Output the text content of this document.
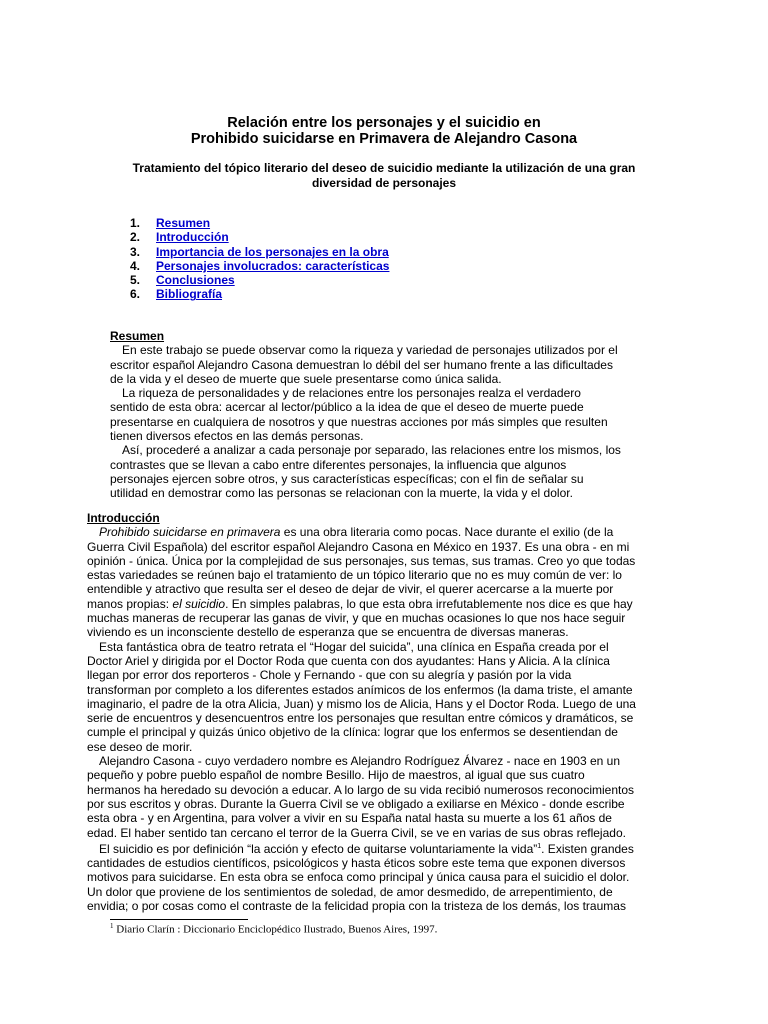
Relación entre los personajes y el suicidio en
Prohibido suicidarse en Primavera de Alejandro Casona
Tratamiento del tópico literario del deseo de suicidio mediante la utilización de una gran
diversidad de personajes
1.	Resumen
2.	Introducción
3.	Importancia de los personajes en la obra
4.	Personajes involucrados: características
5.	Conclusiones
6.	Bibliografía
Resumen
En este trabajo se puede observar como la riqueza y variedad de personajes utilizados por el
escritor español Alejandro Casona demuestran lo débil del ser humano frente a las dificultades
de la vida y el deseo de muerte que suele presentarse como única salida.
La riqueza de personalidades y de relaciones entre los personajes realza el verdadero
sentido de esta obra: acercar al lector/público a la idea de que el deseo de muerte puede
presentarse en cualquiera de nosotros y que nuestras acciones por más simples que resulten
tienen diversos efectos en las demás personas.
Así, procederé a analizar a cada personaje por separado, las relaciones entre los mismos, los
contrastes que se llevan a cabo entre diferentes personajes, la influencia que algunos
personajes ejercen sobre otros, y sus características específicas; con el fin de señalar su
utilidad en demostrar como las personas se relacionan con la muerte, la vida y el dolor.
Introducción
Prohibido suicidarse en primavera es una obra literaria como pocas. Nace durante el exilio (de la
Guerra Civil Española) del escritor español Alejandro Casona en México en 1937. Es una obra - en mi
opinión - única. Única por la complejidad de sus personajes, sus temas, sus tramas. Creo yo que todas
estas variedades se reúnen bajo el tratamiento de un tópico literario que no es muy común de ver: lo
entendible y atractivo que resulta ser el deseo de dejar de vivir, el querer acercarse a la muerte por
manos propias: el suicidio. En simples palabras, lo que esta obra irrefutablemente nos dice es que hay
muchas maneras de recuperar las ganas de vivir, y que en muchas ocasiones lo que nos hace seguir
viviendo es un inconsciente destello de esperanza que se encuentra de diversas maneras.
Esta fantástica obra de teatro retrata el “Hogar del suicida”, una clínica en España creada por el
Doctor Ariel y dirigida por el Doctor Roda que cuenta con dos ayudantes: Hans y Alicia. A la clínica
llegan por error dos reporteros - Chole y Fernando - que con su alegría y pasión por la vida
transforman por completo a los diferentes estados anímicos de los enfermos (la dama triste, el amante
imaginario, el padre de la otra Alicia, Juan) y mismo los de Alicia, Hans y el Doctor Roda. Luego de una
serie de encuentros y desencuentros entre los personajes que resultan entre cómicos y dramáticos, se
cumple el principal y quizás único objetivo de la clínica: lograr que los enfermos se desentiendan de
ese deseo de morir.
Alejandro Casona - cuyo verdadero nombre es Alejandro Rodríguez Álvarez - nace en 1903 en un
pequeño y pobre pueblo español de nombre Besillo. Hijo de maestros, al igual que sus cuatro
hermanos ha heredado su devoción a educar. A lo largo de su vida recibió numerosos reconocimientos
por sus escritos y obras. Durante la Guerra Civil se ve obligado a exiliarse en México - donde escribe
esta obra - y en Argentina, para volver a vivir en su España natal hasta su muerte a los 61 años de
edad. El haber sentido tan cercano el terror de la Guerra Civil, se ve en varias de sus obras reflejado.
El suicidio es por definición “la acción y efecto de quitarse voluntariamente la vida”$^1$. Existen grandes
cantidades de estudios científicos, psicológicos y hasta éticos sobre este tema que exponen diversos
motivos para suicidarse. En esta obra se enfoca como principal y única causa para el suicidio el dolor.
Un dolor que proviene de los sentimientos de soledad, de amor desmedido, de arrepentimiento, de
envidia; o por cosas como el contraste de la felicidad propia con la tristeza de los demás, los traumas
$^1$ Diario Clarín : Diccionario Enciclopédico Ilustrado, Buenos Aires, 1997.
